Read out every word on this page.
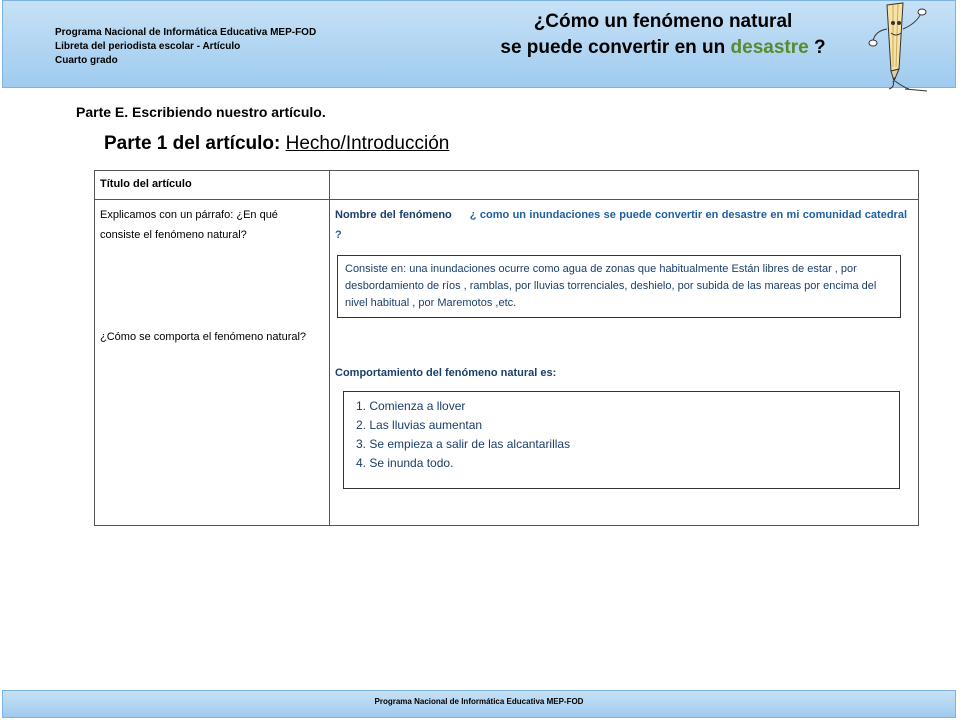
Programa Nacional de Informática Educativa MEP-FOD
Libreta del periodista escolar - Artículo
Cuarto grado
¿Cómo un fenómeno natural
se puede convertir en un desastre ?
Parte E. Escribiendo nuestro artículo.
Parte 1 del artículo: Hecho/Introducción
Título del artículo
Explicamos con un párrafo: ¿En qué consiste el fenómeno natural?
¿Cómo se comporta el fenómeno natural?
Nombre del fenómeno ¿ como un inundaciones se puede convertir en desastre en mi comunidad catedral ?
Consiste en: una inundaciones ocurre como agua de zonas que habitualmente Están libres de estar , por desbordamiento de ríos , ramblas, por lluvias torrenciales, deshielo, por subida de las mareas por encima del nivel habitual , por Maremotos ,etc.
Comportamiento del fenómeno natural es:
1. Comienza a llover
2. Las lluvias aumentan
3. Se empieza a salir de las alcantarillas
4. Se inunda todo.
Programa Nacional de Informática Educativa MEP-FOD
